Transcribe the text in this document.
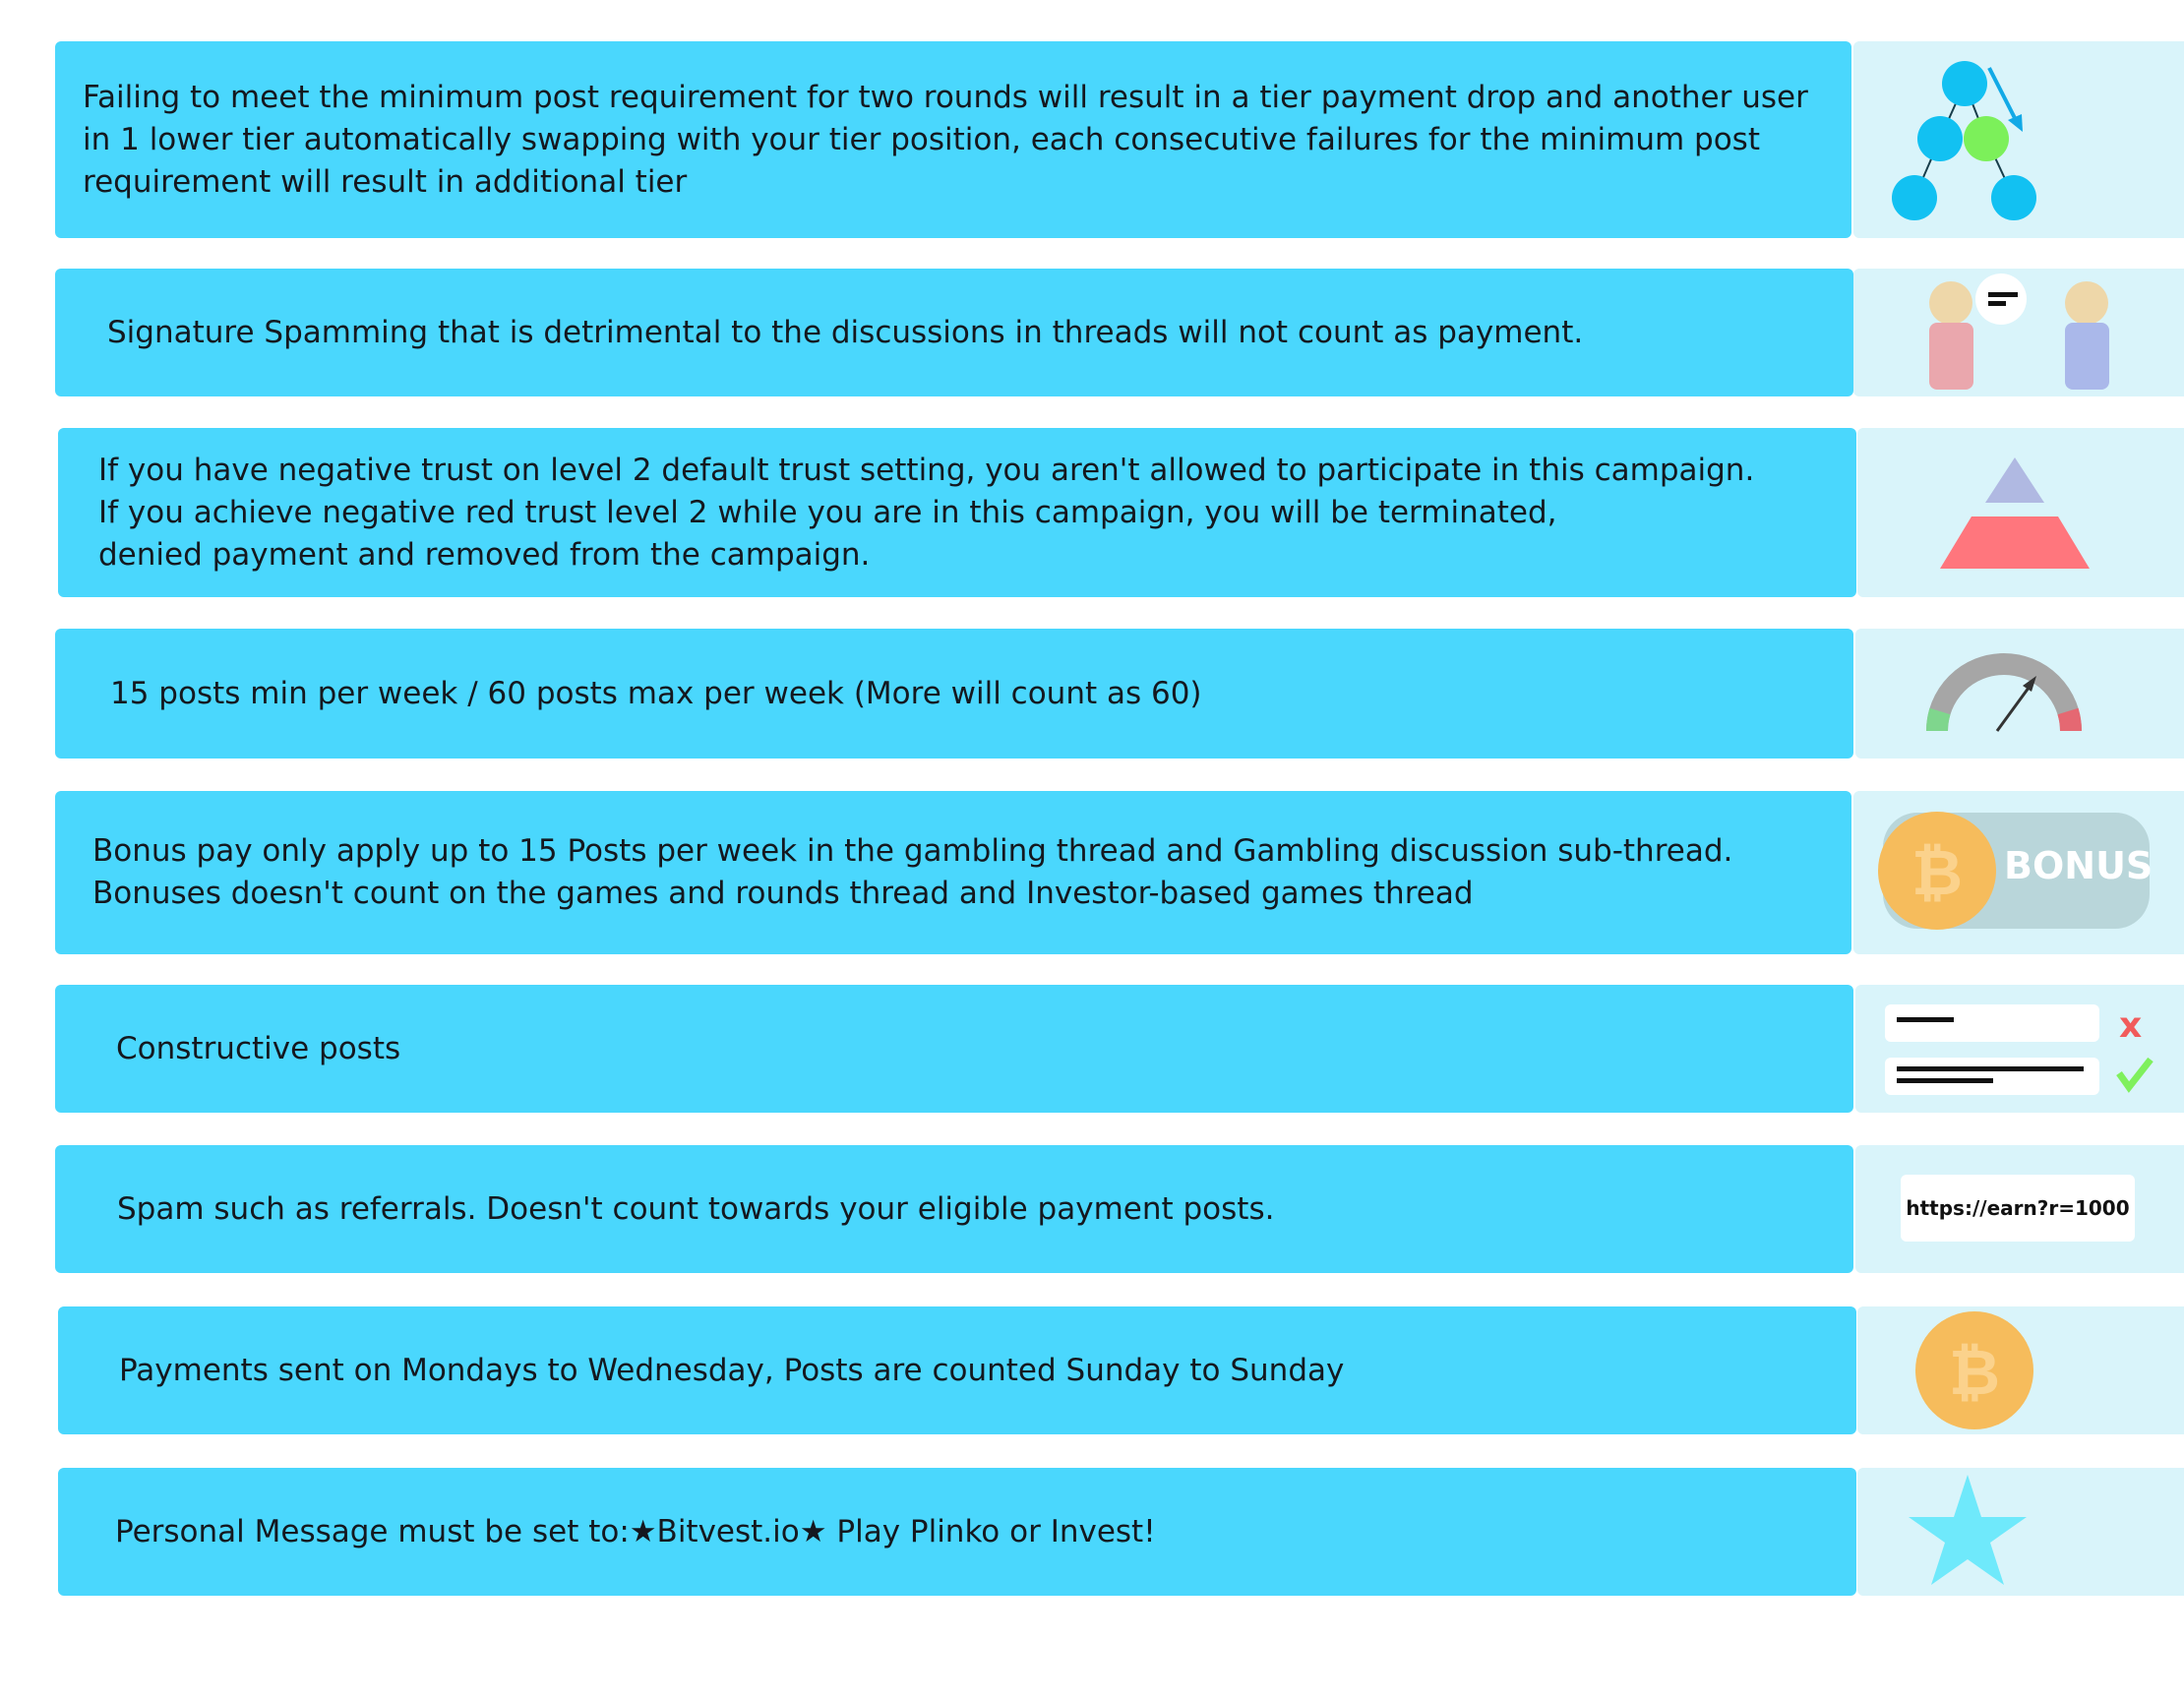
Failing to meet the minimum post requirement for two rounds will result in a tier payment drop and another user in 1 lower tier automatically swapping with your tier position, each consecutive failures for the minimum post requirement will result in additional tier
Signature Spamming that is detrimental to the discussions in threads will not count as payment.
If you have negative trust on level 2 default trust setting, you aren't allowed to participate in this campaign.
If you achieve negative red trust level 2 while you are in this campaign, you will be terminated,
denied payment and removed from the campaign.
15 posts min per week / 60 posts max per week (More will count as 60)
Bonus pay only apply up to 15 Posts per week in the gambling thread and Gambling discussion sub-thread.
Bonuses doesn't count on the games and rounds thread and Investor-based games thread	₿ BONUS
Constructive posts
x
Spam such as referrals. Doesn't count towards your eligible payment posts.	https://earn?r=1000
Payments sent on Mondays to Wednesday, Posts are counted Sunday to Sunday	₿
Personal Message must be set to:★Bitvest.io★ Play Plinko or Invest!
